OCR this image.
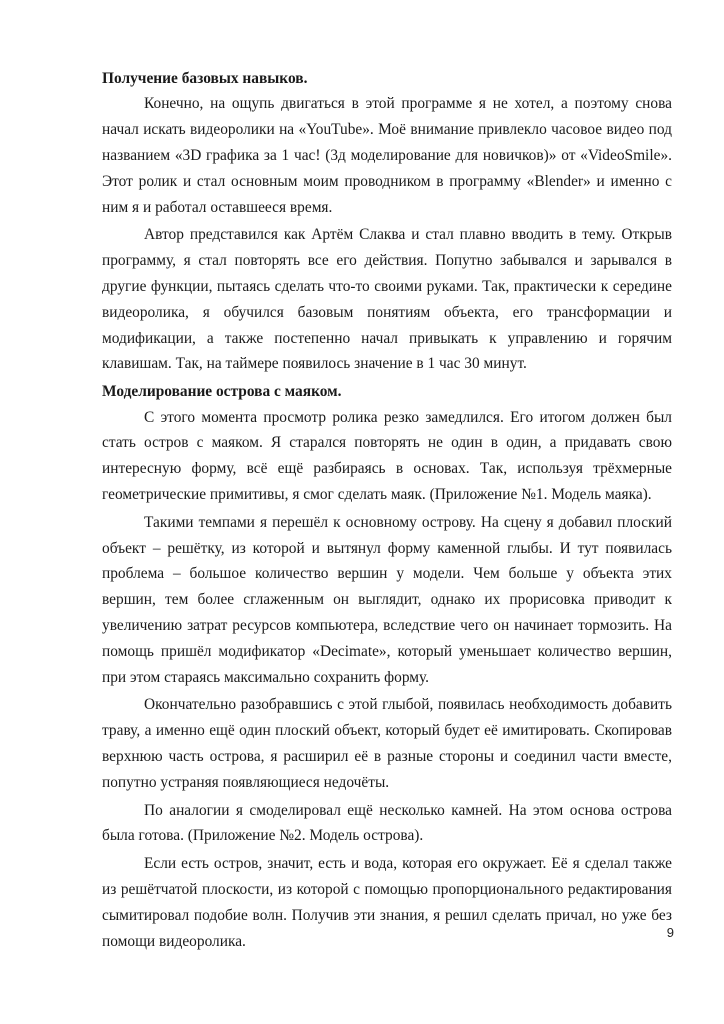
Получение базовых навыков.

Конечно, на ощупь двигаться в этой программе я не хотел, а поэтому снова начал искать видеоролики на «YouTube». Моё внимание привлекло часовое видео под названием «3D графика за 1 час! (3д моделирование для новичков)» от «VideoSmile». Этот ролик и стал основным моим проводником в программу «Blender» и именно с ним я и работал оставшееся время.

Автор представился как Артём Слаква и стал плавно вводить в тему. Открыв программу, я стал повторять все его действия. Попутно забывался и зарывался в другие функции, пытаясь сделать что-то своими руками. Так, практически к середине видеоролика, я обучился базовым понятиям объекта, его трансформации и модификации, а также постепенно начал привыкать к управлению и горячим клавишам. Так, на таймере появилось значение в 1 час 30 минут.

Моделирование острова с маяком.

С этого момента просмотр ролика резко замедлился. Его итогом должен был стать остров с маяком. Я старался повторять не один в один, а придавать свою интересную форму, всё ещё разбираясь в основах. Так, используя трёхмерные геометрические примитивы, я смог сделать маяк. (Приложение №1. Модель маяка).

Такими темпами я перешёл к основному острову. На сцену я добавил плоский объект – решётку, из которой и вытянул форму каменной глыбы. И тут появилась проблема – большое количество вершин у модели. Чем больше у объекта этих вершин, тем более сглаженным он выглядит, однако их прорисовка приводит к увеличению затрат ресурсов компьютера, вследствие чего он начинает тормозить. На помощь пришёл модификатор «Decimate», который уменьшает количество вершин, при этом стараясь максимально сохранить форму.

Окончательно разобравшись с этой глыбой, появилась необходимость добавить траву, а именно ещё один плоский объект, который будет её имитировать. Скопировав верхнюю часть острова, я расширил её в разные стороны и соединил части вместе, попутно устраняя появляющиеся недочёты.

По аналогии я смоделировал ещё несколько камней. На этом основа острова была готова. (Приложение №2. Модель острова).

Если есть остров, значит, есть и вода, которая его окружает. Её я сделал также из решётчатой плоскости, из которой с помощью пропорционального редактирования сымитировал подобие волн. Получив эти знания, я решил сделать причал, но уже без помощи видеоролика.

9
